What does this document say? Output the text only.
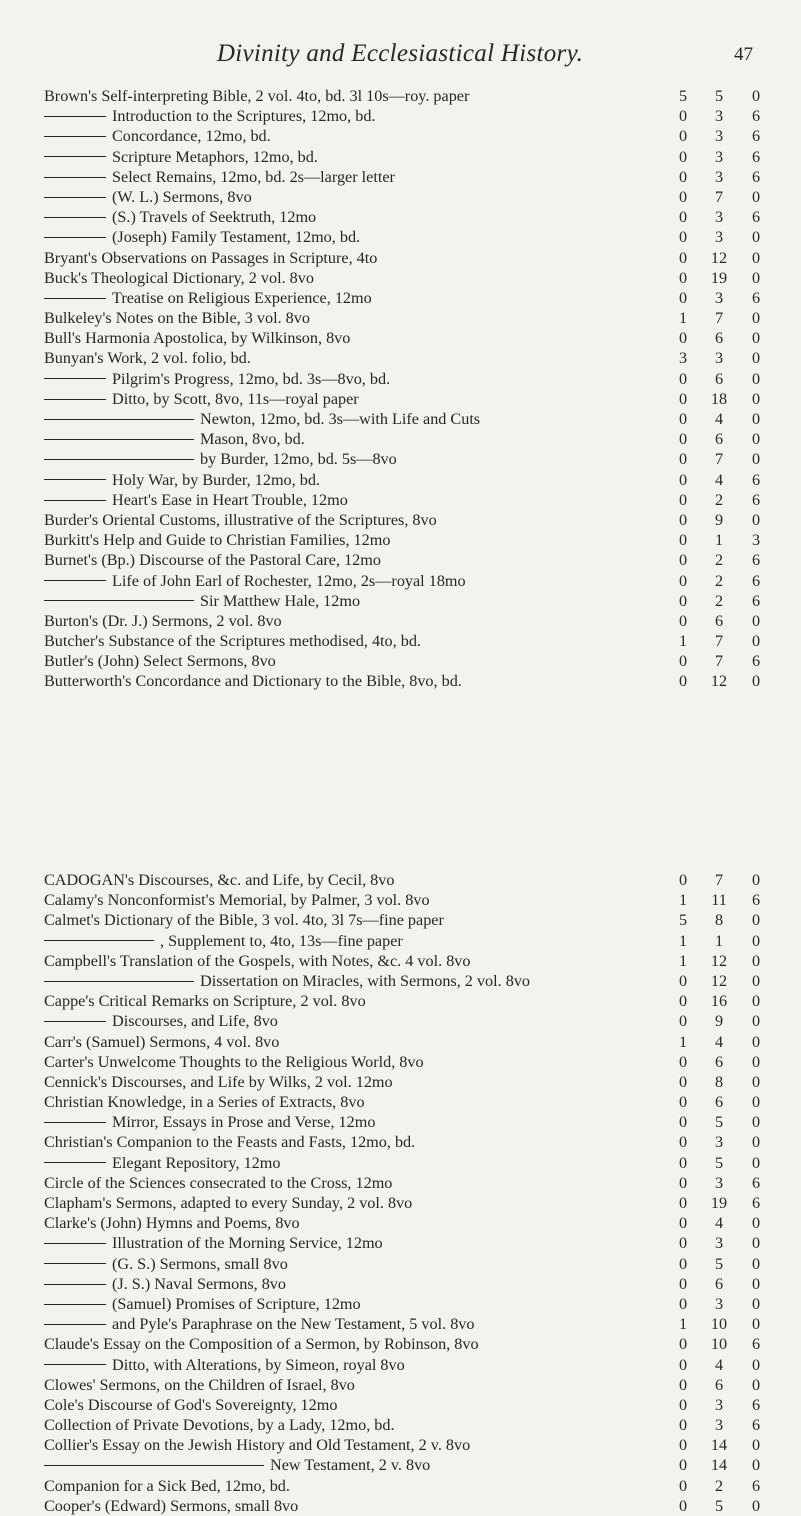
Divinity and Ecclesiastical History.	47
Brown's Self-interpreting Bible, 2 vol. 4to, bd. 3l 10s—roy. paper	5	5	0
Introduction to the Scriptures, 12mo, bd.	0	3	6
Concordance, 12mo, bd.	0	3	6
Scripture Metaphors, 12mo, bd.	0	3	6
Select Remains, 12mo, bd. 2s—larger letter	0	3	6
(W. L.) Sermons, 8vo	0	7	0
(S.) Travels of Seektruth, 12mo	0	3	6
(Joseph) Family Testament, 12mo, bd.	0	3	0
Bryant's Observations on Passages in Scripture, 4to	0	12	0
Buck's Theological Dictionary, 2 vol. 8vo	0	19	0
Treatise on Religious Experience, 12mo	0	3	6
Bulkeley's Notes on the Bible, 3 vol. 8vo	1	7	0
Bull's Harmonia Apostolica, by Wilkinson, 8vo	0	6	0
Bunyan's Work, 2 vol. folio, bd.	3	3	0
Pilgrim's Progress, 12mo, bd. 3s—8vo, bd.	0	6	0
Ditto, by Scott, 8vo, 11s—royal paper	0	18	0
Newton, 12mo, bd. 3s—with Life and Cuts	0	4	0
Mason, 8vo, bd.	0	6	0
by Burder, 12mo, bd. 5s—8vo	0	7	0
Holy War, by Burder, 12mo, bd.	0	4	6
Heart's Ease in Heart Trouble, 12mo	0	2	6
Burder's Oriental Customs, illustrative of the Scriptures, 8vo	0	9	0
Burkitt's Help and Guide to Christian Families, 12mo	0	1	3
Burnet's (Bp.) Discourse of the Pastoral Care, 12mo	0	2	6
Life of John Earl of Rochester, 12mo, 2s—royal 18mo	0	2	6
Sir Matthew Hale, 12mo	0	2	6
Burton's (Dr. J.) Sermons, 2 vol. 8vo	0	6	0
Butcher's Substance of the Scriptures methodised, 4to, bd.	1	7	0
Butler's (John) Select Sermons, 8vo	0	7	6
Butterworth's Concordance and Dictionary to the Bible, 8vo, bd.	0	12	0
CADOGAN's Discourses, &c. and Life, by Cecil, 8vo	0	7	0
Calamy's Nonconformist's Memorial, by Palmer, 3 vol. 8vo	1	11	6
Calmet's Dictionary of the Bible, 3 vol. 4to, 3l 7s—fine paper	5	8	0
, Supplement to, 4to, 13s—fine paper	1	1	0
Campbell's Translation of the Gospels, with Notes, &c. 4 vol. 8vo	1	12	0
Dissertation on Miracles, with Sermons, 2 vol. 8vo	0	12	0
Cappe's Critical Remarks on Scripture, 2 vol. 8vo	0	16	0
Discourses, and Life, 8vo	0	9	0
Carr's (Samuel) Sermons, 4 vol. 8vo	1	4	0
Carter's Unwelcome Thoughts to the Religious World, 8vo	0	6	0
Cennick's Discourses, and Life by Wilks, 2 vol. 12mo	0	8	0
Christian Knowledge, in a Series of Extracts, 8vo	0	6	0
Mirror, Essays in Prose and Verse, 12mo	0	5	0
Christian's Companion to the Feasts and Fasts, 12mo, bd.	0	3	0
Elegant Repository, 12mo	0	5	0
Circle of the Sciences consecrated to the Cross, 12mo	0	3	6
Clapham's Sermons, adapted to every Sunday, 2 vol. 8vo	0	19	6
Clarke's (John) Hymns and Poems, 8vo	0	4	0
Illustration of the Morning Service, 12mo	0	3	0
(G. S.) Sermons, small 8vo	0	5	0
(J. S.) Naval Sermons, 8vo	0	6	0
(Samuel) Promises of Scripture, 12mo	0	3	0
and Pyle's Paraphrase on the New Testament, 5 vol. 8vo	1	10	0
Claude's Essay on the Composition of a Sermon, by Robinson, 8vo	0	10	6
Ditto, with Alterations, by Simeon, royal 8vo	0	4	0
Clowes' Sermons, on the Children of Israel, 8vo	0	6	0
Cole's Discourse of God's Sovereignty, 12mo	0	3	6
Collection of Private Devotions, by a Lady, 12mo, bd.	0	3	6
Collier's Essay on the Jewish History and Old Testament, 2 v. 8vo	0	14	0
New Testament, 2 v. 8vo	0	14	0
Companion for a Sick Bed, 12mo, bd.	0	2	6
Cooper's (Edward) Sermons, small 8vo	0	5	0
